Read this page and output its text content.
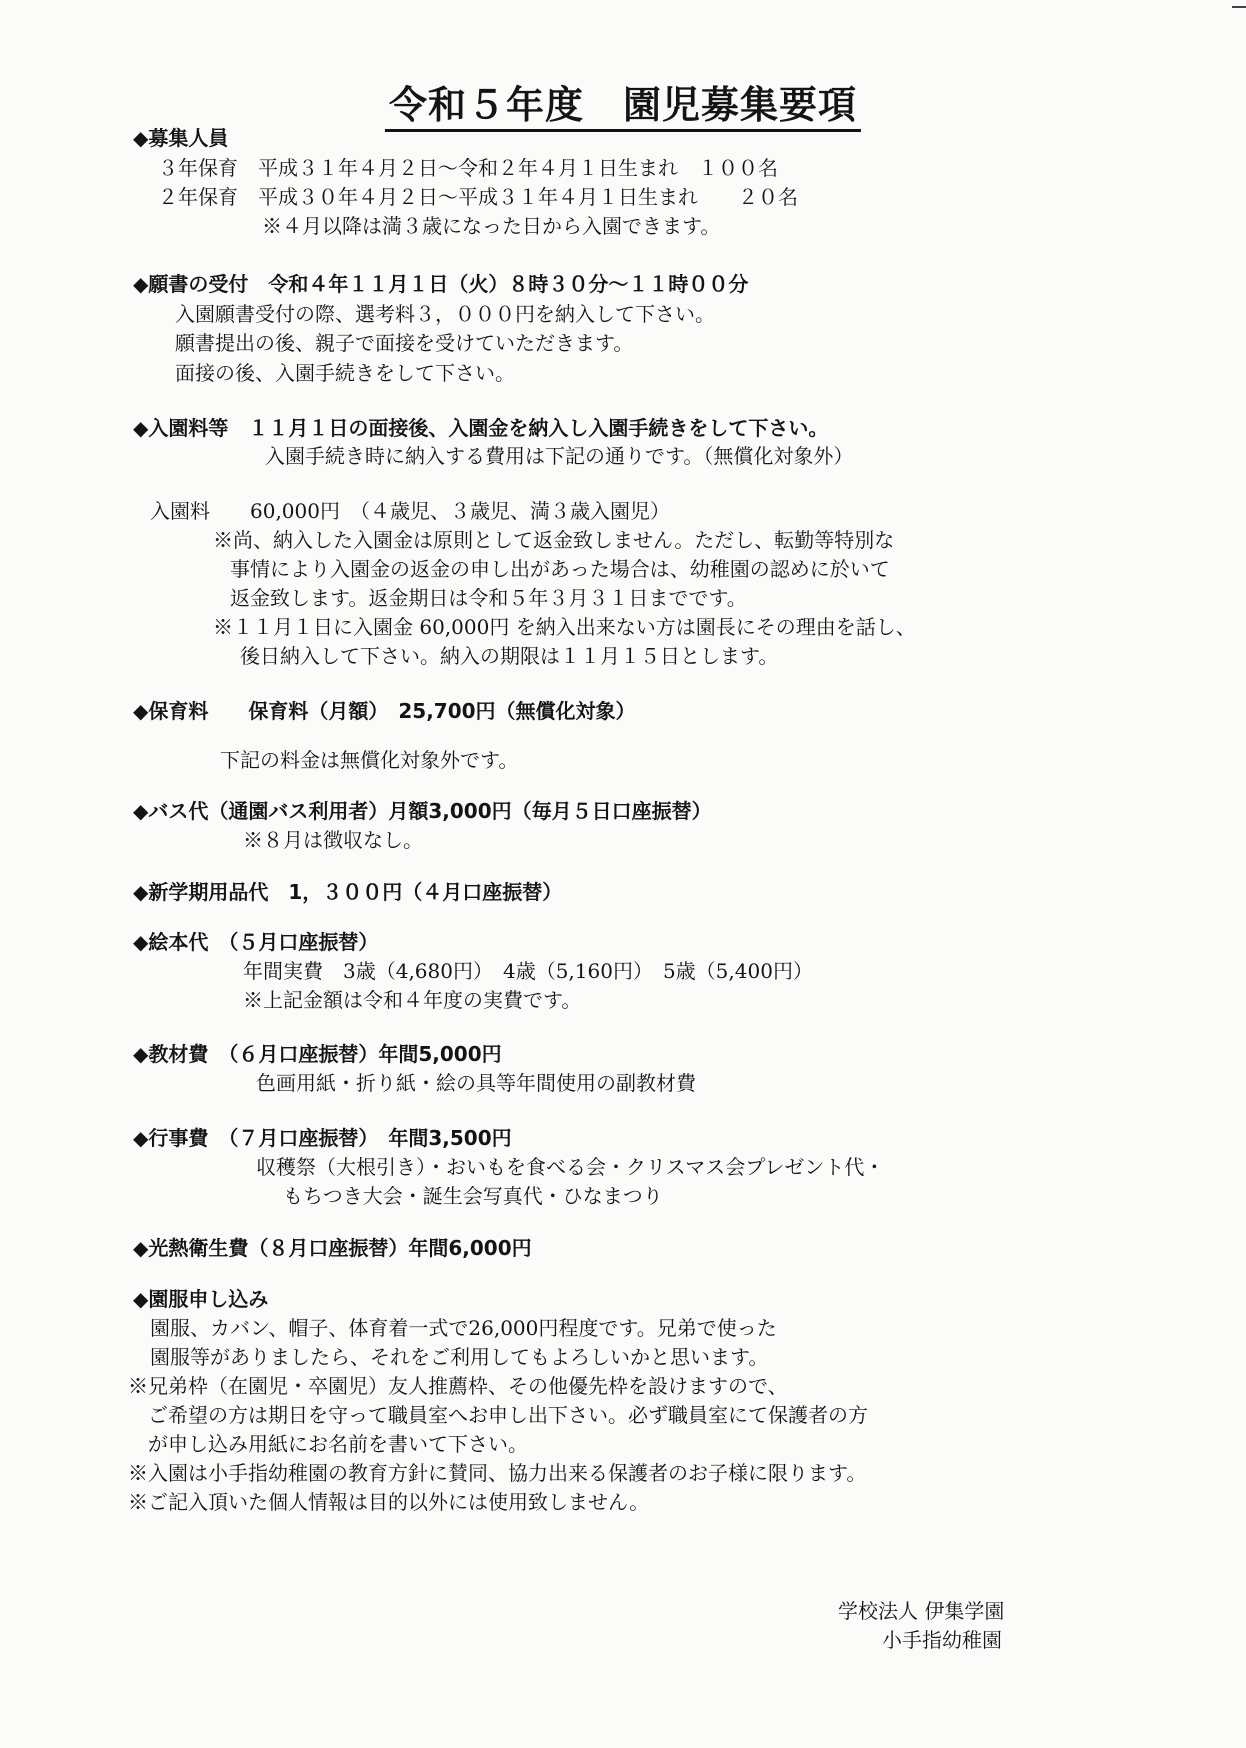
令和５年度　園児募集要項
◆募集人員
３年保育　平成３１年４月２日～令和２年４月１日生まれ　１００名
２年保育　平成３０年４月２日～平成３１年４月１日生まれ　　２０名
※４月以降は満３歳になった日から入園できます。
◆願書の受付　令和４年１１月１日（火）８時３０分～１１時００分
入園願書受付の際、選考料３，０００円を納入して下さい。
願書提出の後、親子で面接を受けていただきます。
面接の後、入園手続きをして下さい。
◆入園料等　１１月１日の面接後、入園金を納入し入園手続きをして下さい。
入園手続き時に納入する費用は下記の通りです。（無償化対象外）
入園料　　60,000円　（４歳児、３歳児、満３歳入園児）
※尚、納入した入園金は原則として返金致しません。ただし、転勤等特別な
事情により入園金の返金の申し出があった場合は、幼稚園の認めに於いて
返金致します。返金期日は令和５年３月３１日までです。
※１１月１日に入園金 60,000円 を納入出来ない方は園長にその理由を話し、
後日納入して下さい。納入の期限は１１月１５日とします。
◆保育料　　保育料（月額）　25,700円（無償化対象）
下記の料金は無償化対象外です。
◆バス代（通園バス利用者）月額3,000円（毎月５日口座振替）
※８月は徴収なし。
◆新学期用品代　1，３００円（４月口座振替）
◆絵本代　（５月口座振替）
年間実費　3歳（4,680円）　4歳（5,160円）　5歳（5,400円）
※上記金額は令和４年度の実費です。
◆教材費　（６月口座振替）年間5,000円
色画用紙・折り紙・絵の具等年間使用の副教材費
◆行事費　（７月口座振替）　年間3,500円
収穫祭（大根引き）・おいもを食べる会・クリスマス会プレゼント代・
もちつき大会・誕生会写真代・ひなまつり
◆光熱衛生費（８月口座振替）年間6,000円
◆園服申し込み
園服、カバン、帽子、体育着一式で26,000円程度です。兄弟で使った
園服等がありましたら、それをご利用してもよろしいかと思います。
※兄弟枠（在園児・卒園児）友人推薦枠、その他優先枠を設けますので、
ご希望の方は期日を守って職員室へお申し出下さい。必ず職員室にて保護者の方
が申し込み用紙にお名前を書いて下さい。
※入園は小手指幼稚園の教育方針に賛同、協力出来る保護者のお子様に限ります。
※ご記入頂いた個人情報は目的以外には使用致しません。
学校法人 伊集学園
小手指幼稚園
